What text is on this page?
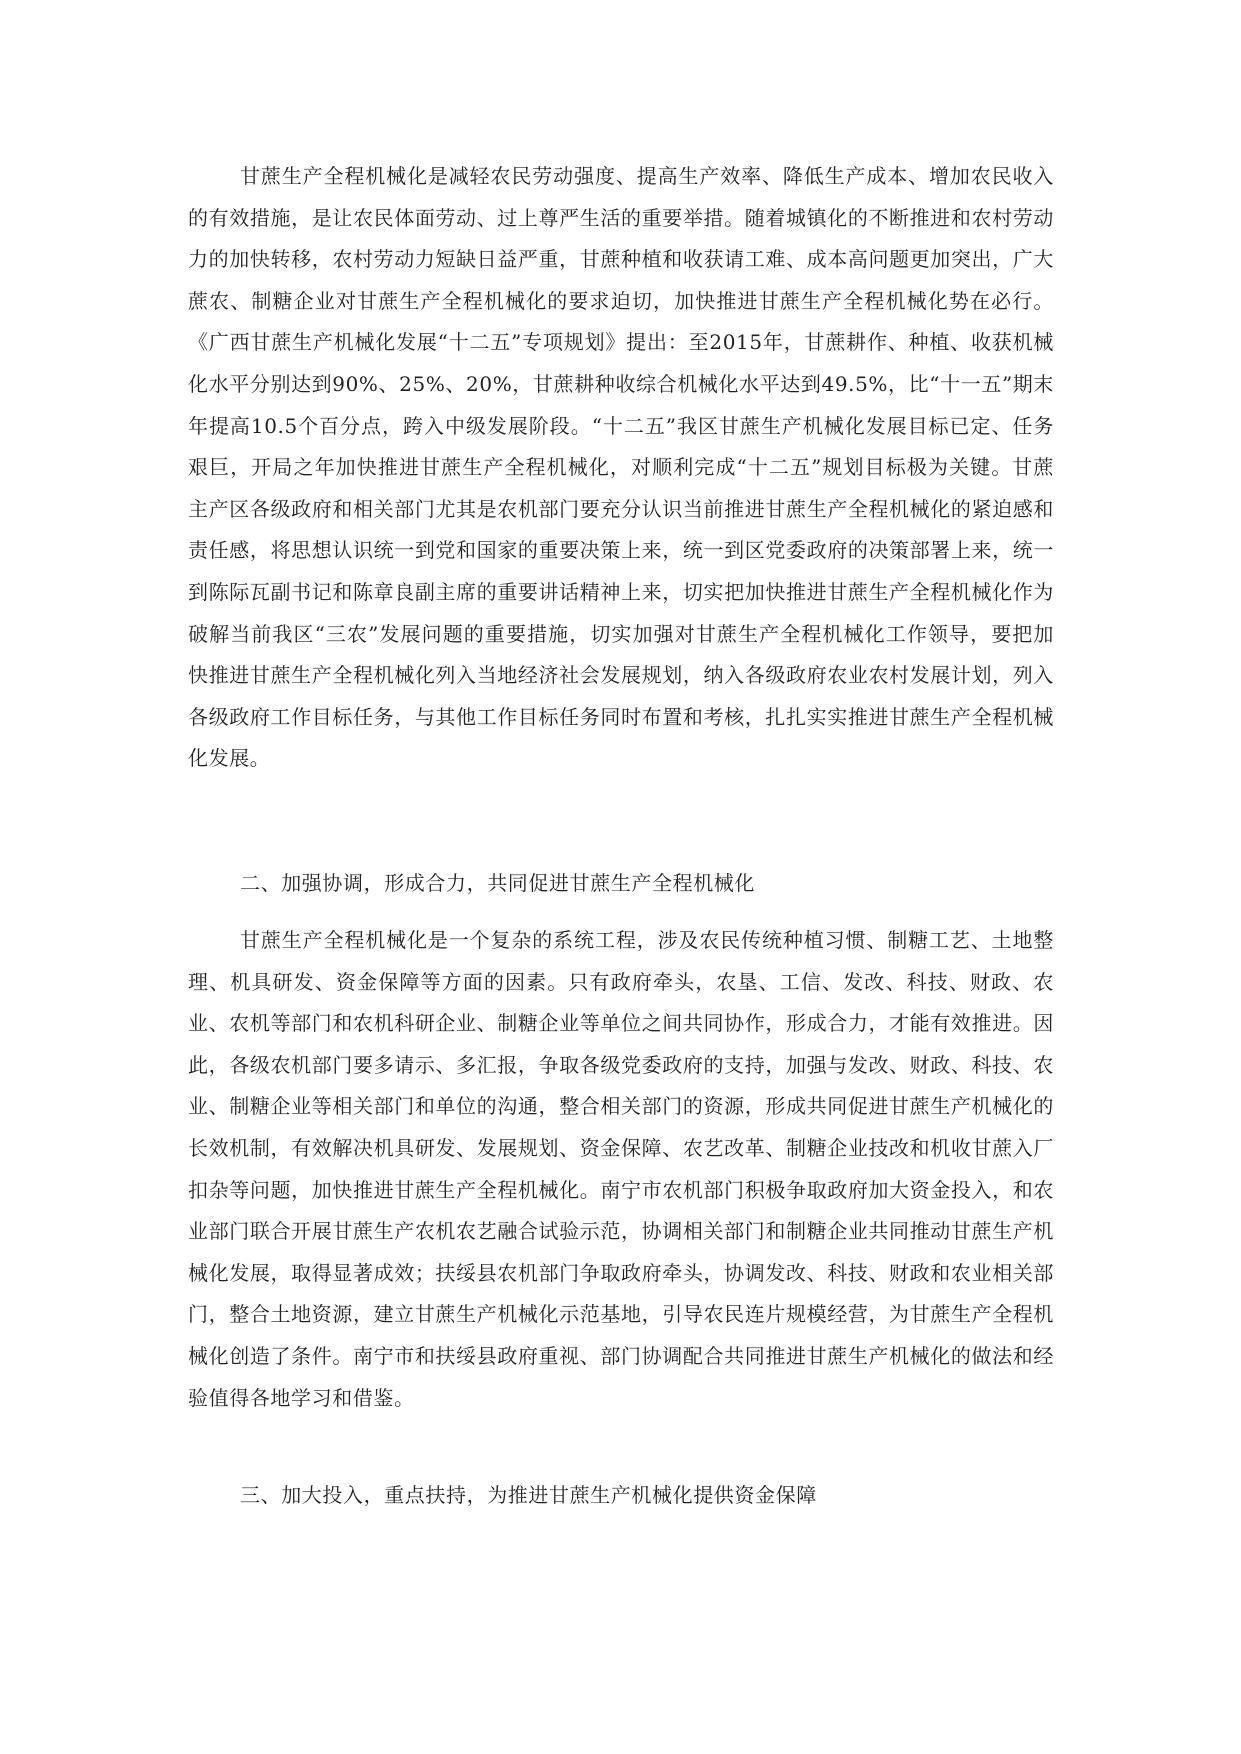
甘蔗生产全程机械化是减轻农民劳动强度、提高生产效率、降低生产成本、增加农民收入的有效措施，是让农民体面劳动、过上尊严生活的重要举措。随着城镇化的不断推进和农村劳动力的加快转移，农村劳动力短缺日益严重，甘蔗种植和收获请工难、成本高问题更加突出，广大蔗农、制糖企业对甘蔗生产全程机械化的要求迫切，加快推进甘蔗生产全程机械化势在必行。《广西甘蔗生产机械化发展“十二五”专项规划》提出：至2015年，甘蔗耕作、种植、收获机械化水平分别达到90%、25%、20%，甘蔗耕种收综合机械化水平达到49.5%，比“十一五”期末年提高10.5个百分点，跨入中级发展阶段。“十二五”我区甘蔗生产机械化发展目标已定、任务艰巨，开局之年加快推进甘蔗生产全程机械化，对顺利完成“十二五”规划目标极为关键。甘蔗主产区各级政府和相关部门尤其是农机部门要充分认识当前推进甘蔗生产全程机械化的紧迫感和责任感，将思想认识统一到党和国家的重要决策上来，统一到区党委政府的决策部署上来，统一到陈际瓦副书记和陈章良副主席的重要讲话精神上来，切实把加快推进甘蔗生产全程机械化作为破解当前我区“三农”发展问题的重要措施，切实加强对甘蔗生产全程机械化工作领导，要把加快推进甘蔗生产全程机械化列入当地经济社会发展规划，纳入各级政府农业农村发展计划，列入各级政府工作目标任务，与其他工作目标任务同时布置和考核，扎扎实实推进甘蔗生产全程机械化发展。

二、加强协调，形成合力，共同促进甘蔗生产全程机械化

甘蔗生产全程机械化是一个复杂的系统工程，涉及农民传统种植习惯、制糖工艺、土地整理、机具研发、资金保障等方面的因素。只有政府牵头，农垦、工信、发改、科技、财政、农业、农机等部门和农机科研企业、制糖企业等单位之间共同协作，形成合力，才能有效推进。因此，各级农机部门要多请示、多汇报，争取各级党委政府的支持，加强与发改、财政、科技、农业、制糖企业等相关部门和单位的沟通，整合相关部门的资源，形成共同促进甘蔗生产机械化的长效机制，有效解决机具研发、发展规划、资金保障、农艺改革、制糖企业技改和机收甘蔗入厂扣杂等问题，加快推进甘蔗生产全程机械化。南宁市农机部门积极争取政府加大资金投入，和农业部门联合开展甘蔗生产农机农艺融合试验示范，协调相关部门和制糖企业共同推动甘蔗生产机械化发展，取得显著成效；扶绥县农机部门争取政府牵头，协调发改、科技、财政和农业相关部门，整合土地资源，建立甘蔗生产机械化示范基地，引导农民连片规模经营，为甘蔗生产全程机械化创造了条件。南宁市和扶绥县政府重视、部门协调配合共同推进甘蔗生产机械化的做法和经验值得各地学习和借鉴。

三、加大投入，重点扶持，为推进甘蔗生产机械化提供资金保障
